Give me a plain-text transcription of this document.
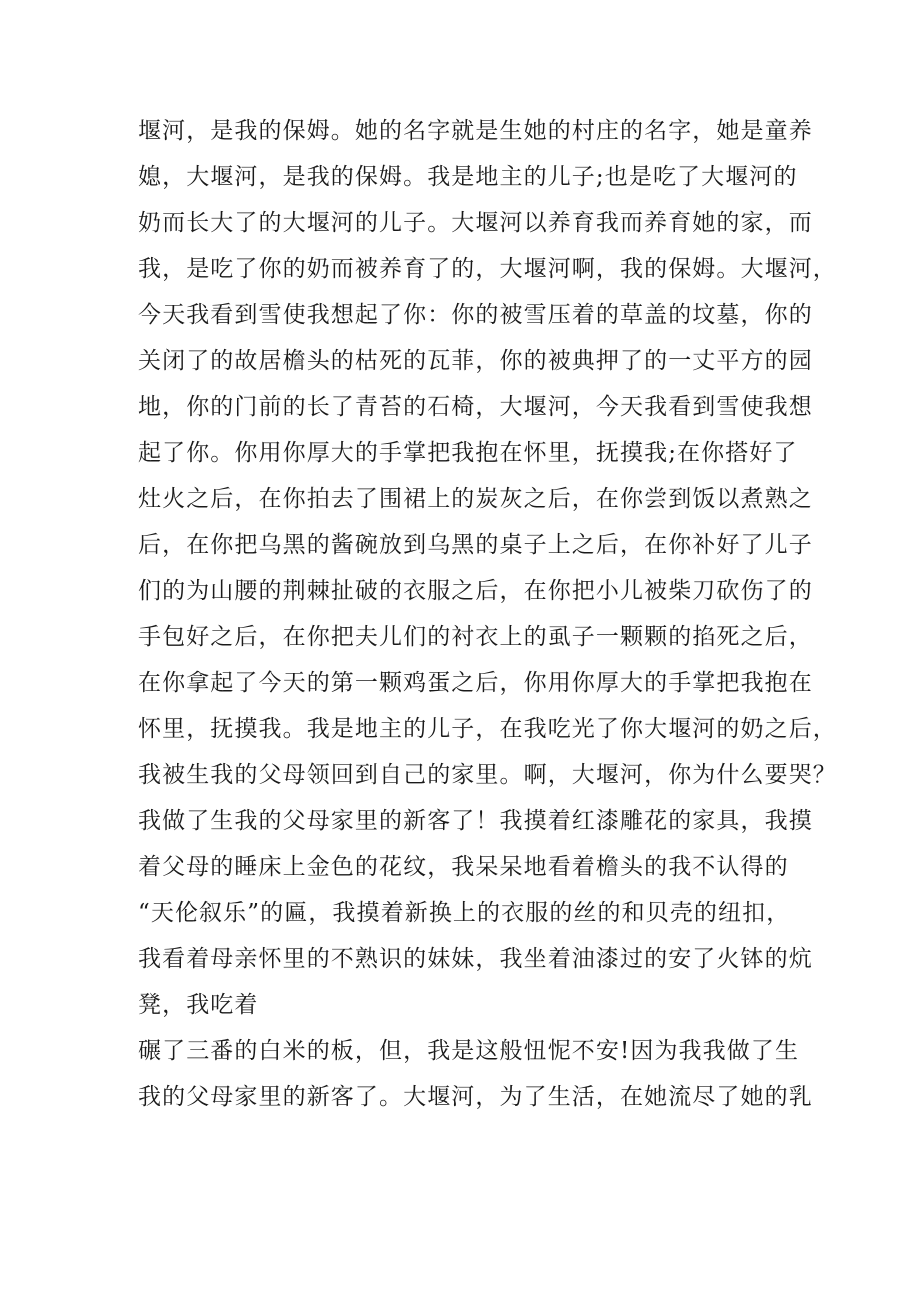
堰河，是我的保姆。她的名字就是生她的村庄的名字，她是童养
媳，大堰河，是我的保姆。我是地主的儿子;也是吃了大堰河的
奶而长大了的大堰河的儿子。大堰河以养育我而养育她的家，而
我，是吃了你的奶而被养育了的，大堰河啊，我的保姆。大堰河，
今天我看到雪使我想起了你：你的被雪压着的草盖的坟墓，你的
关闭了的故居檐头的枯死的瓦菲，你的被典押了的一丈平方的园
地，你的门前的长了青苔的石椅，大堰河，今天我看到雪使我想
起了你。你用你厚大的手掌把我抱在怀里，抚摸我;在你搭好了
灶火之后，在你拍去了围裙上的炭灰之后，在你尝到饭以煮熟之
后，在你把乌黑的酱碗放到乌黑的桌子上之后，在你补好了儿子
们的为山腰的荆棘扯破的衣服之后，在你把小儿被柴刀砍伤了的
手包好之后，在你把夫儿们的衬衣上的虱子一颗颗的掐死之后，
在你拿起了今天的第一颗鸡蛋之后，你用你厚大的手掌把我抱在
怀里，抚摸我。我是地主的儿子，在我吃光了你大堰河的奶之后，
我被生我的父母领回到自己的家里。啊，大堰河，你为什么要哭？
我做了生我的父母家里的新客了！我摸着红漆雕花的家具，我摸
着父母的睡床上金色的花纹，我呆呆地看着檐头的我不认得的
“天伦叙乐”的匾，我摸着新换上的衣服的丝的和贝壳的纽扣，
我看着母亲怀里的不熟识的妹妹，我坐着油漆过的安了火钵的炕
凳，我吃着
碾了三番的白米的板，但，我是这般忸怩不安!因为我我做了生
我的父母家里的新客了。大堰河，为了生活，在她流尽了她的乳
